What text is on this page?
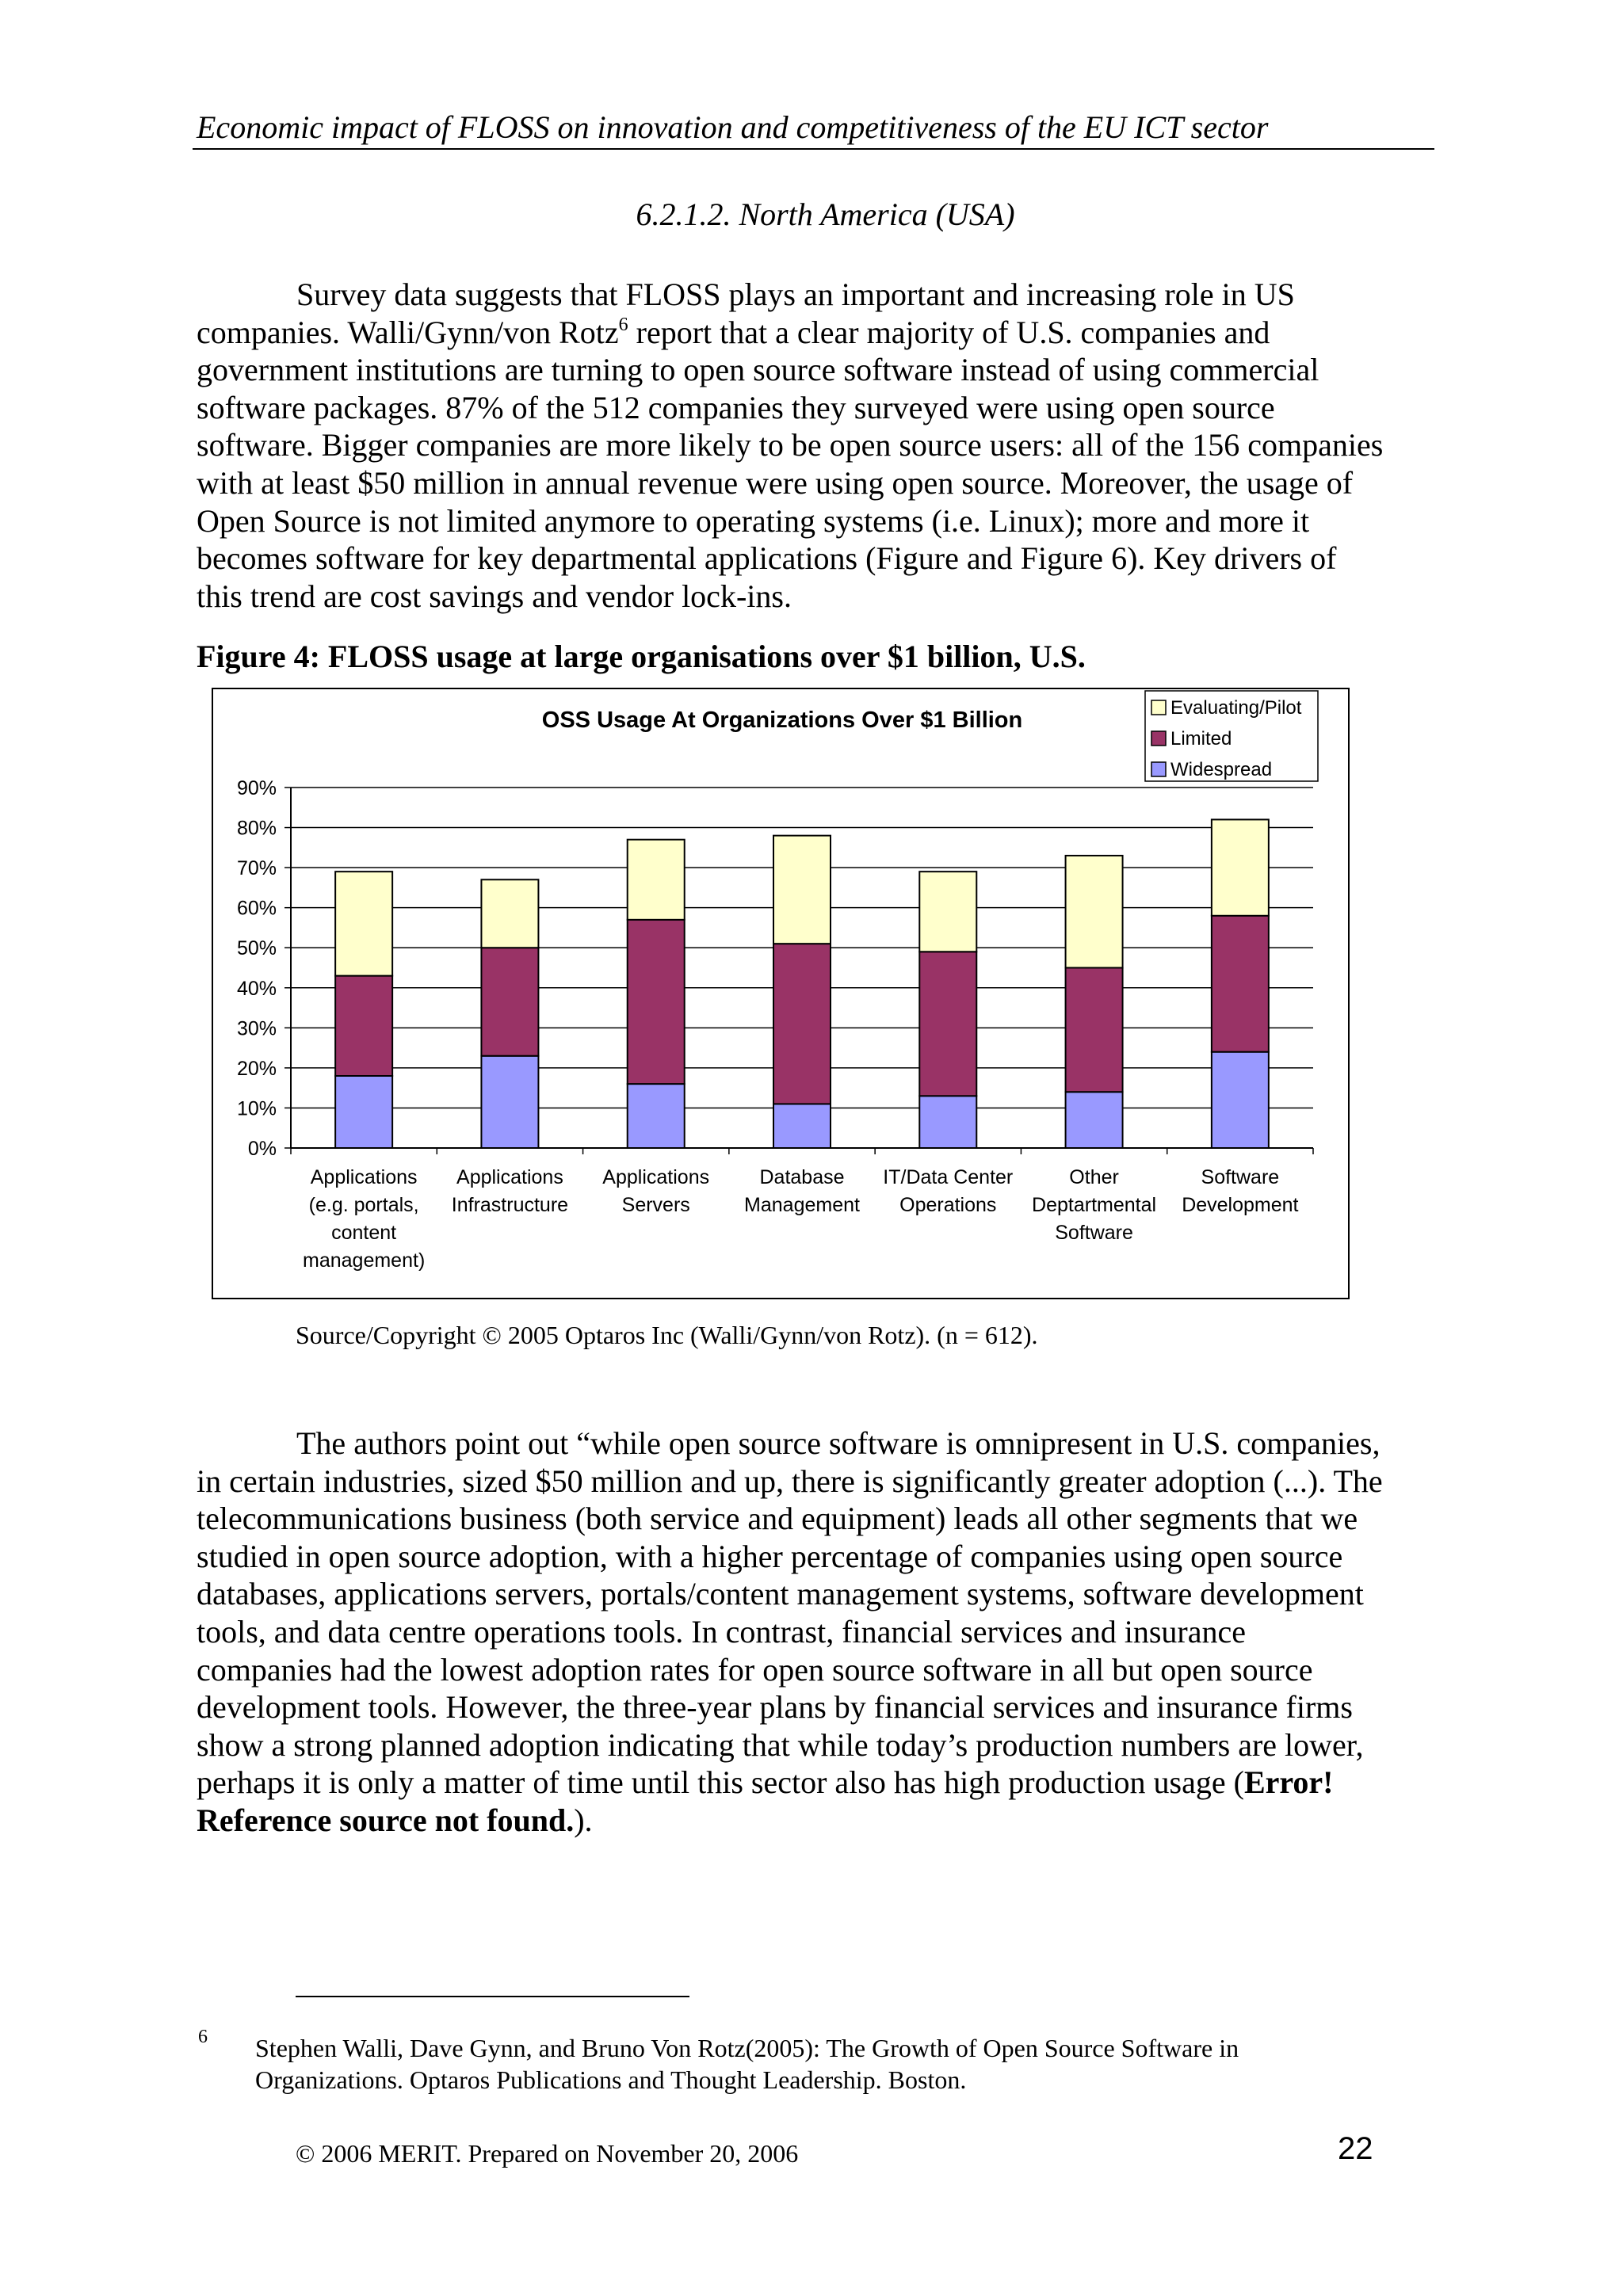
Economic impact of FLOSS on innovation and competitiveness of the EU ICT sector
6.2.1.2. North America (USA)
Survey data suggests that FLOSS plays an important and increasing role in US
companies. Walli/Gynn/von Rotz$^6$ report that a clear majority of U.S. companies and
government institutions are turning to open source software instead of using commercial
software packages. 87% of the 512 companies they surveyed were using open source
software. Bigger companies are more likely to be open source users: all of the 156 companies
with at least $50 million in annual revenue were using open source. Moreover, the usage of
Open Source is not limited anymore to operating systems (i.e. Linux); more and more it
becomes software for key departmental applications (Figure and Figure 6). Key drivers of
this trend are cost savings and vendor lock-ins.
Figure 4: FLOSS usage at large organisations over $1 billion, U.S.
OSS Usage At Organizations Over $1 Billion
0%
10%
20%
30%
40%
50%
60%
70%
80%
90%
Applications (e.g. portals, content management)
Applications Infrastructure
Applications Servers
Database Management
IT/Data Center Operations
Other Deptartmental Software
Software Development
Evaluating/Pilot
Limited
Widespread
Source/Copyright © 2005 Optaros Inc (Walli/Gynn/von Rotz). (n = 612).
The authors point out “while open source software is omnipresent in U.S. companies,
in certain industries, sized $50 million and up, there is significantly greater adoption (...). The
telecommunications business (both service and equipment) leads all other segments that we
studied in open source adoption, with a higher percentage of companies using open source
databases, applications servers, portals/content management systems, software development
tools, and data centre operations tools. In contrast, financial services and insurance
companies had the lowest adoption rates for open source software in all but open source
development tools. However, the three-year plans by financial services and insurance firms
show a strong planned adoption indicating that while today’s production numbers are lower,
perhaps it is only a matter of time until this sector also has high production usage (Error!
Reference source not found.).
6 Stephen Walli, Dave Gynn, and Bruno Von Rotz(2005): The Growth of Open Source Software in
Organizations. Optaros Publications and Thought Leadership. Boston.
© 2006 MERIT. Prepared on November 20, 2006	22
